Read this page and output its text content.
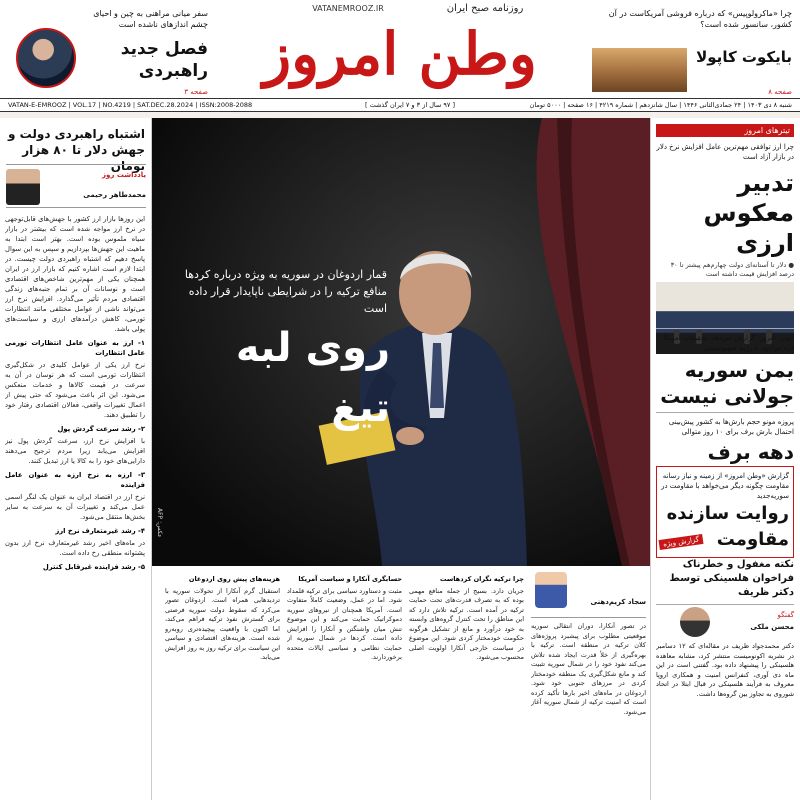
VATANEMROOZ.IR	روزنامه صبح ایران
وطن امروز
سفر میانی مراهنی به چین و احیای چشم اندازهای ناشده است
فصل جدید راهبردی
صفحه ۳
چرا «ماکرولوپیس» که درباره فروشی آمریکاست در آن کشور، سانسور شده است؟
بایکوت کاپولا
صفحه ۸
شنبه ۸ دی ۱۴۰۳ | ۲۴ جمادی‌الثانی ۱۴۴۶ | سال شانزدهم | شماره ۴۲۱۹ | ۱۶ صفحه | ۵۰۰۰ تومان
[ ۹۷ سال از ۳ و ۷ ایران گذشت ]
VATAN-E-EMROOZ | VOL.17 | NO.4219 | SAT.DEC.28.2024 | ISSN:2008-2088
تیترهای امروز
چرا ارز توافقی مهم‌ترین عامل افزایش نرخ دلار در بازار آزاد است
تدبیر
معکوس ارزی
● دلار تا آستانه‌ای دولت چهارم‌هم پیشتر تا ۳۰ درصد افزایش قیمت داشته است
حوثی امروز؛ گزارش می‌دهد: تحقیقات آمریکا دره مواجهه با رژیم صهیونیستی
یمن سوریه
جولانی نیست
پروزه مونو حجم بارش‌ها به کشور پیش‌بینی احتمال بارش برف برای ۱۰ روز متوالی
دهه برف
گزارش «وطن امروز» از زمینه و نیاز رسانه مقاومت چگونه دیگر می‌خواهد با مقاومت در سوریه‌جدید
روایت سازنده
مقاومت
گزارش ویژه
نکته مغفول و خطرناک فراخوان هلسینکی توسط دکتر ظریف
گفتگو
محسن ملکی
دکتر محمدجواد ظریف در مقاله‌ای که ۱۲ دسامبر در نشریه اکونومیست منتشر کرد، مشابه معاهده هلسینکی را پیشنهاد داده بود. گفتنی است در این ماه دی آوری، کنفرانس امنیت و همکاری اروپا معروف به فرآیند هلسینکی در قبال ابتلا در اتحاد شوروی به تجاوز بین گروه‌ها داشت.
اشتباه راهبردی دولت و جهش دلار تا ۸۰ هزار تومان
یادداشت روز
محمدطاهر رحیمی
این روزها بازار ارز کشور با جهش‌های قابل‌توجهی در نرخ ارز مواجه شده است که بیشتر در بازار سیاه ملموس بوده است. بهتر است ابتدا به ماهیت این جهش‌ها بپردازیم و سپس به این سوال پاسخ دهیم که اشتباه راهبردی دولت چیست. در ابتدا لازم است اشاره کنیم که بازار ارز در ایران همچنان یکی از مهم‌ترین شاخص‌های اقتصادی است و نوسانات آن بر تمام جنبه‌های زندگی اقتصادی مردم تأثیر می‌گذارد. افزایش نرخ ارز می‌تواند ناشی از عوامل مختلفی مانند انتظارات تورمی، کاهش درآمدهای ارزی و سیاست‌های پولی باشد.
۱- ارز به عنوان عامل انتظارات تورمی عامل انتظارات
نرخ ارز یکی از عوامل کلیدی در شکل‌گیری انتظارات تورمی است که هر نوسان در آن به سرعت در قیمت کالاها و خدمات منعکس می‌شود. این اثر باعث می‌شود که حتی پیش از اعمال تغییرات واقعی، فعالان اقتصادی رفتار خود را تطبیق دهند.
۲- رشد سرعت گردش پول
با افزایش نرخ ارز، سرعت گردش پول نیز افزایش می‌یابد زیرا مردم ترجیح می‌دهند دارایی‌های خود را به کالا یا ارز تبدیل کنند.
۳- ارزه به نرخ ارزه به عنوان عامل فزاینده
نرخ ارز در اقتصاد ایران به عنوان یک لنگر اسمی عمل می‌کند و تغییرات آن به سرعت به سایر بخش‌ها منتقل می‌شود.
۴- رشد غیرمتعارف نرخ ارز
در ماه‌های اخیر رشد غیرمتعارف نرخ ارز بدون پشتوانه منطقی رخ داده است.
۵- رشد فزاینده غیرقابل کنترل
قمار اردوغان در سوریه به ویژه درباره کردها
منافع ترکیه را در شرایطی ناپایدار قرار داده است
روی لبه تیغ
عکس: AFP
سجاد کریم‌دهنی
در تصور آنکارا، دوران انتقالی سوریه موقعیتی مطلوب برای پیشبرد پروژه‌های کلان ترکیه در منطقه است. ترکیه با بهره‌گیری از خلأ قدرت ایجاد شده تلاش می‌کند نفوذ خود را در شمال سوریه تثبیت کند و مانع شکل‌گیری یک منطقه خودمختار کردی در مرزهای جنوبی خود شود. اردوغان در ماه‌های اخیر بارها تأکید کرده است که امنیت ترکیه از شمال سوریه آغاز می‌شود.
چرا ترکیه نگران کردهاست
جریان دارد. بسیج از جمله منافع مهمی بوده که به تصرف قدرت‌های تحت حمایت ترکیه در آمده است. ترکیه تلاش دارد که این مناطق را تحت کنترل گروه‌های وابسته به خود درآورد و مانع از تشکیل هرگونه حکومت خودمختار کردی شود. این موضوع در سیاست خارجی آنکارا اولویت اصلی محسوب می‌شود.
حسابگری آنکارا و سیاست آمریکا
مثبت و دستاورد سیاسی برای ترکیه قلمداد شود. اما در عمل، وضعیت کاملاً متفاوت است. آمریکا همچنان از نیروهای سوریه دموکراتیک حمایت می‌کند و این موضوع تنش میان واشنگتن و آنکارا را افزایش داده است. کردها در شمال سوریه از حمایت نظامی و سیاسی ایالات متحده برخوردارند.
هزینه‌های پیش روی اردوغان
استقبال گرم آنکارا از تحولات سوریه با تردیدهایی همراه است. اردوغان تصور می‌کرد که سقوط دولت سوریه فرصتی برای گسترش نفوذ ترکیه فراهم می‌کند، اما اکنون با واقعیت پیچیده‌تری روبه‌رو شده است. هزینه‌های اقتصادی و سیاسی این سیاست برای ترکیه روز به روز افزایش می‌یابد.
